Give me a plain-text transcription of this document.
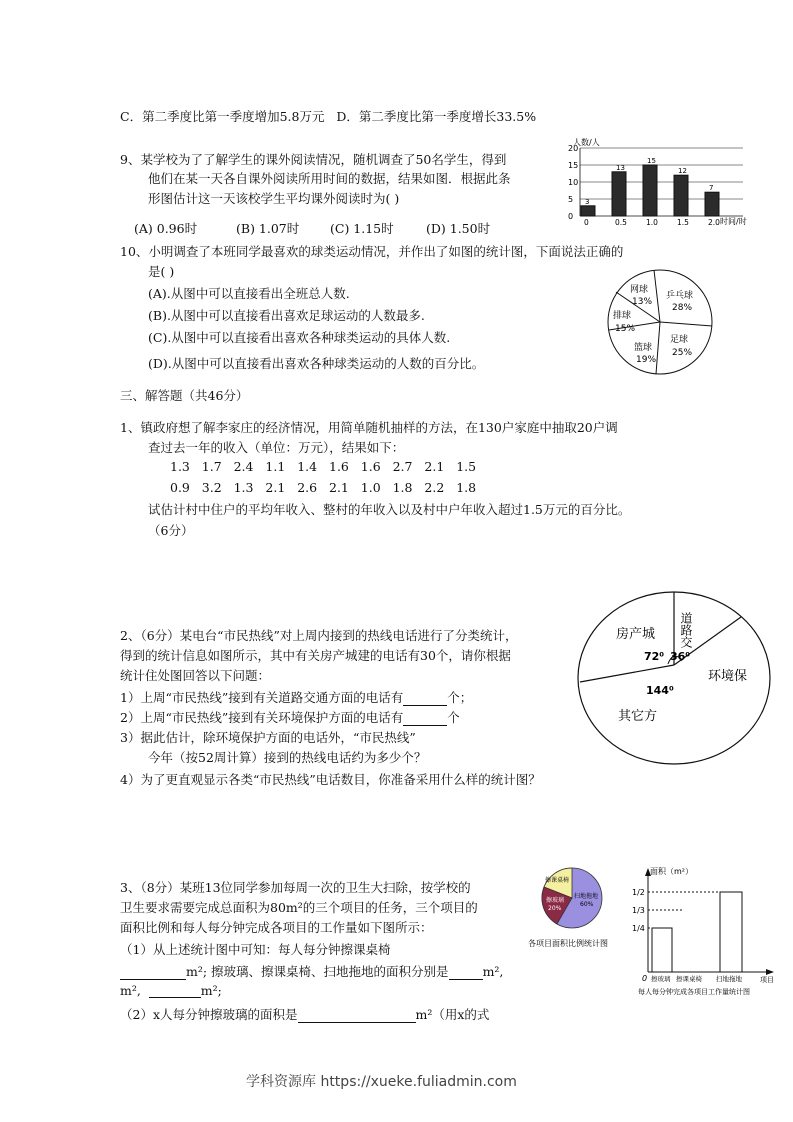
C．第二季度比第一季度增加5.8万元 D．第二季度比第一季度增长33.5%
9、某学校为了了解学生的课外阅读情况，随机调查了50名学生，得到
他们在某一天各自课外阅读所用时间的数据，结果如图．根据此条
形图估计这一天该校学生平均课外阅读时为( )
(A) 0.96时	(B) 1.07时 (C) 1.15时	(D) 1.50时
人数/人
0
5
10
15
20
0	0.5	1.0	1.5	2.0
3
13
15
12
7
时间/时
10、小明调查了本班同学最喜欢的球类运动情况，并作出了如图的统计图，下面说法正确的
是( )
(A).从图中可以直接看出全班总人数.
(B).从图中可以直接看出喜欢足球运动的人数最多.
(C).从图中可以直接看出喜欢各种球类运动的具体人数.
(D).从图中可以直接看出喜欢各种球类运动的人数的百分比。
乒乓球
28%
足球
25%
篮球
19%
排球
15%
网球
13%
三、解答题（共46分）
1、镇政府想了解李家庄的经济情况，用简单随机抽样的方法，在130户家庭中抽取20户调
查过去一年的收入（单位：万元），结果如下：
1.3   1.7   2.4   1.1   1.4   1.6   1.6   2.7   2.1   1.5
0.9   3.2   1.3   2.1   2.6   2.1   1.0   1.8   2.2   1.8
试估计村中住户的平均年收入、整村的年收入以及村中户年收入超过1.5万元的百分比。
（6分）
2、（6分）某电台“市民热线”对上周内接到的热线电话进行了分类统计，
得到的统计信息如图所示，其中有关房产城建的电话有30个，请你根据
统计住处图回答以下问题：
1）上周“市民热线”接到有关道路交通方面的电话有	个；
2）上周“市民热线”接到有关环境保护方面的电话有	个
3）据此估计，除环境保护方面的电话外，“市民热线”
今年（按52周计算）接到的热线电话约为多少个？
4）为了更直观显示各类“市民热线”电话数目，你准备采用什么样的统计图？
房产城 道路交
环境保
其它方
72⁰ 36⁰
144⁰
3、（8分）某班13位同学参加每周一次的卫生大扫除，按学校的
卫生要求需要完成总面积为80m²的三个项目的任务，三个项目的
面积比例和每人每分钟完成各项目的工作量如下图所示：
（1）从上述统计图中可知：每人每分钟擦课桌椅
m²; 擦玻璃、擦课桌椅、扫地拖地的面积分别是	m²,
m²,	m²;
（2）x人每分钟擦玻璃的面积是	m²（用x的式
擦课桌椅
擦玻璃
20%
扫地拖地
60%
各项目面积比例统计图
面积（m²）
1/2
1/3
1/4
0 擦玻璃 擦课桌椅 扫地拖地	项目
每人每分钟完成各项目工作量统计图
学科资源库 https://xueke.fuliadmin.com
